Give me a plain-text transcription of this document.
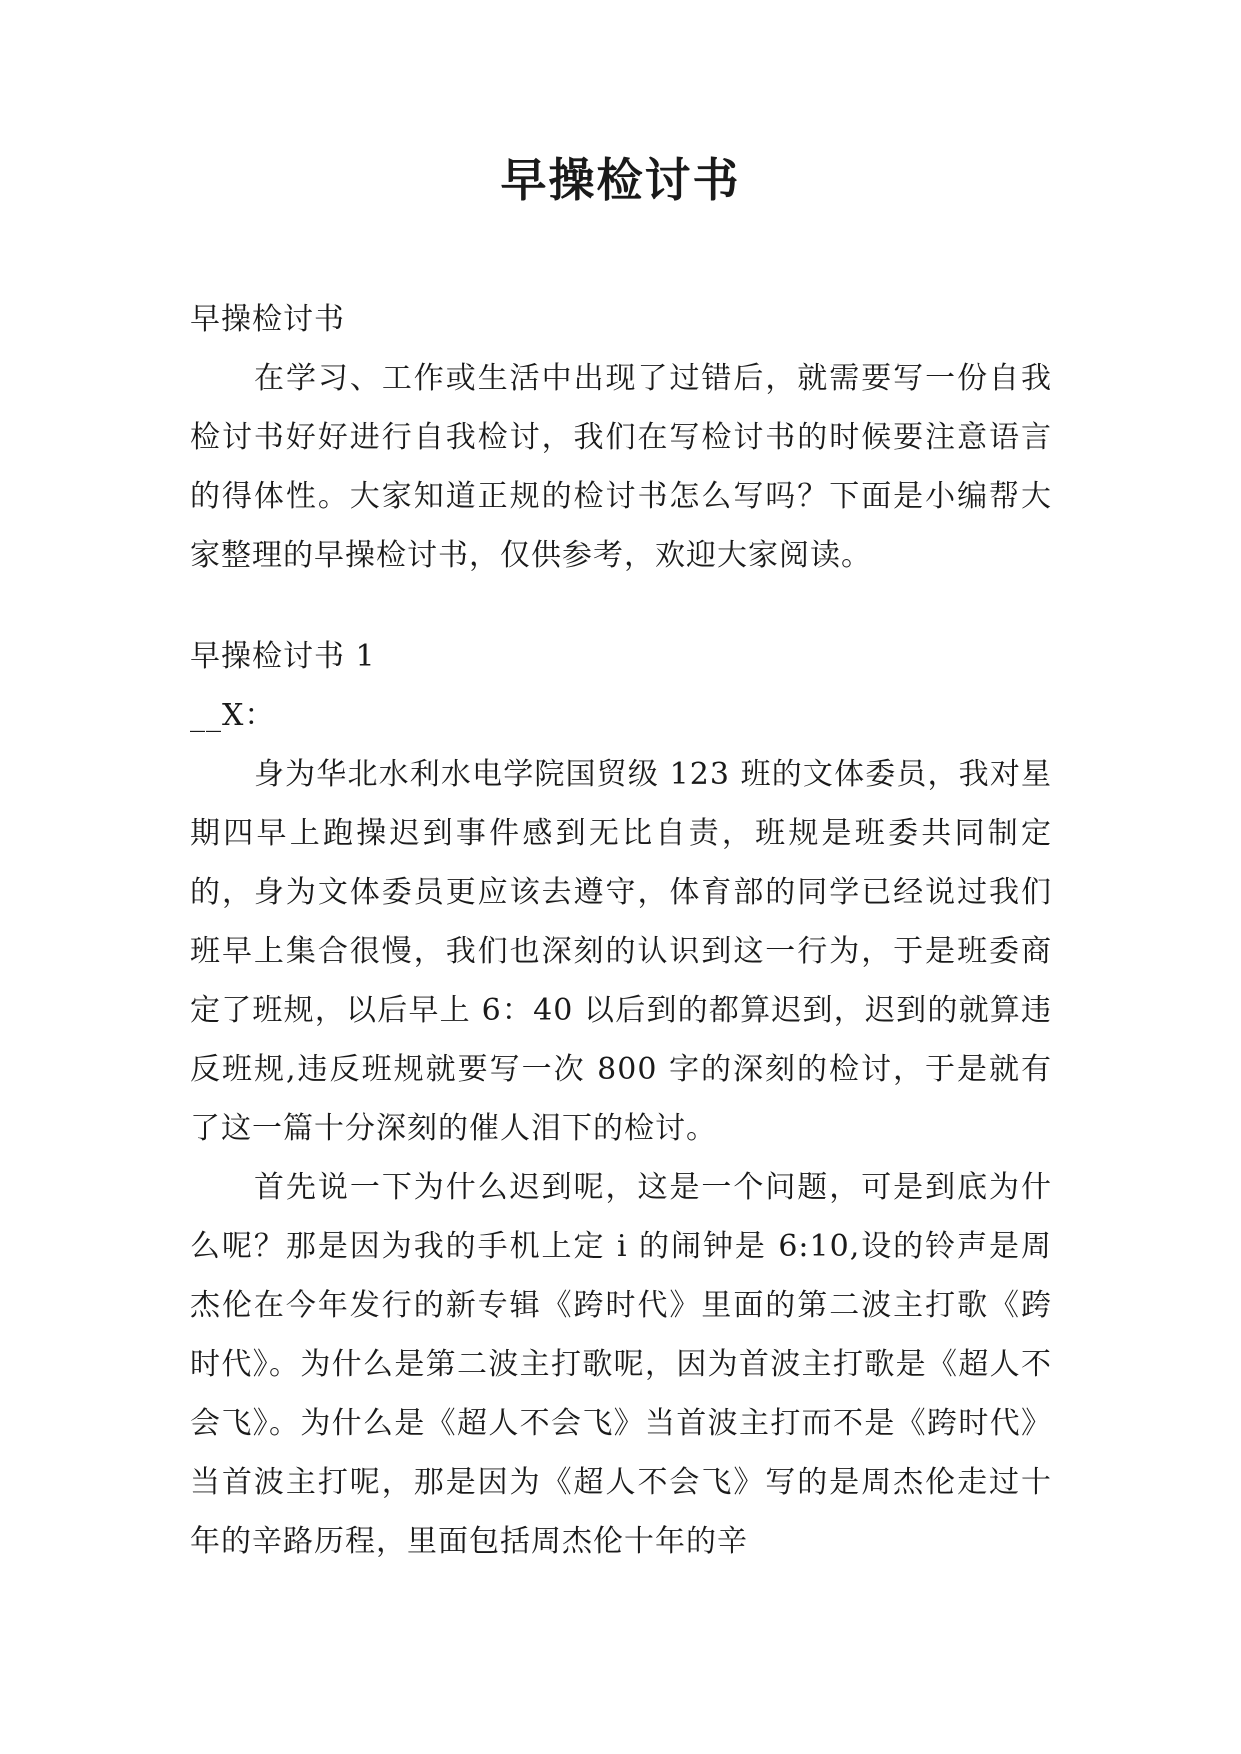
早操检讨书

早操检讨书

在学习、工作或生活中出现了过错后，就需要写一份自我检讨书好好进行自我检讨，我们在写检讨书的时候要注意语言的得体性。大家知道正规的检讨书怎么写吗？下面是小编帮大家整理的早操检讨书，仅供参考，欢迎大家阅读。

早操检讨书 1

__X：

身为华北水利水电学院国贸级 123 班的文体委员，我对星期四早上跑操迟到事件感到无比自责，班规是班委共同制定的，身为文体委员更应该去遵守，体育部的同学已经说过我们班早上集合很慢，我们也深刻的认识到这一行为，于是班委商定了班规，以后早上 6：40 以后到的都算迟到，迟到的就算违反班规,违反班规就要写一次 800 字的深刻的检讨，于是就有了这一篇十分深刻的催人泪下的检讨。

首先说一下为什么迟到呢，这是一个问题，可是到底为什么呢？那是因为我的手机上定 i 的闹钟是 6:10,设的铃声是周杰伦在今年发行的新专辑《跨时代》里面的第二波主打歌《跨时代》。为什么是第二波主打歌呢，因为首波主打歌是《超人不会飞》。为什么是《超人不会飞》当首波主打而不是《跨时代》当首波主打呢，那是因为《超人不会飞》写的是周杰伦走过十年的辛路历程，里面包括周杰伦十年的辛
